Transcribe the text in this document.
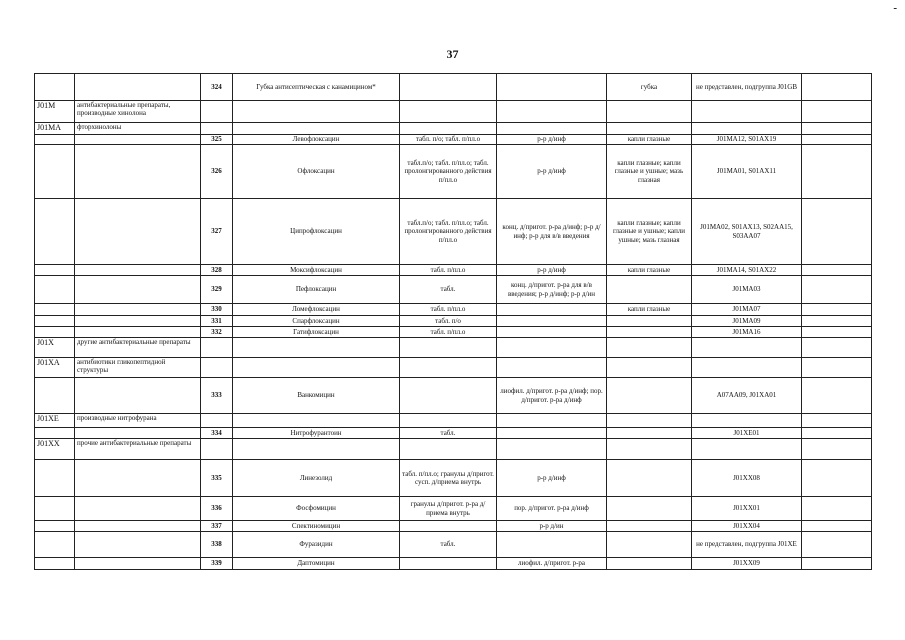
-
37
		324	Губка антисептическая с канамицином*			губка	не представлен, подгруппа J01GB	
J01M	антибактериальные препараты, производные хинолона							
J01MA	фторхинолоны							
		325	Левофлоксацин	табл. п/о; табл. п/пл.о	р-р д/инф	капли глазные	J01MA12, S01AX19	
		326	Офлоксацин	табл.п/о; табл. п/пл.о; табл. пролонгированного действия п/пл.о	р-р д/инф	капли глазные; капли глазные и ушные; мазь глазная	J01MA01, S01AX11	
		327	Ципрофлоксацин	табл.п/о; табл. п/пл.о; табл. пролонгированного действия п/пл.о	конц. д/пригот. р-ра д/инф; р-р д/инф; р-р для в/в введения	капли глазные; капли глазные и ушные; капли ушные; мазь глазная	J01MA02, S01AX13, S02AA15, S03AA07	
		328	Моксифлоксацин	табл. п/пл.о	р-р д/инф	капли глазные	J01MA14, S01AX22	
		329	Пефлоксацин	табл.	конц. д/пригот. р-ра для в/в введения; р-р д/инф; р-р д/ин		J01MA03	
		330	Ломефлоксацин	табл. п/пл.о		капли глазные	J01MA07	
		331	Спарфлоксацин	табл. п/о			J01MA09	
		332	Гатифлоксацин	табл. п/пл.о			J01MA16	
J01X	другие антибактериальные препараты							
J01XA	антибиотики гликопептидной структуры							
		333	Ванкомицин		лиофил. д/пригот. р-ра д/инф; пор. д/пригот. р-ра д/инф		A07AA09, J01XA01	
J01XE	производные нитрофурана							
		334	Нитрофурантоин	табл.			J01XE01	
J01XX	прочие антибактериальные препараты							
		335	Линезолид	табл. п/пл.о; гранулы д/пригот. сусп. д/приема внутрь	р-р д/инф		J01XX08	
		336	Фосфомицин	гранулы д/пригот. р-ра д/приема внутрь	пор. д/пригот. р-ра д/инф		J01XX01	
		337	Спектиномицин		р-р д/ин		J01XX04	
		338	Фуразидин	табл.			не представлен, подгруппа J01XE	
		339	Даптомицин		лиофил. д/пригот. р-ра		J01XX09	
